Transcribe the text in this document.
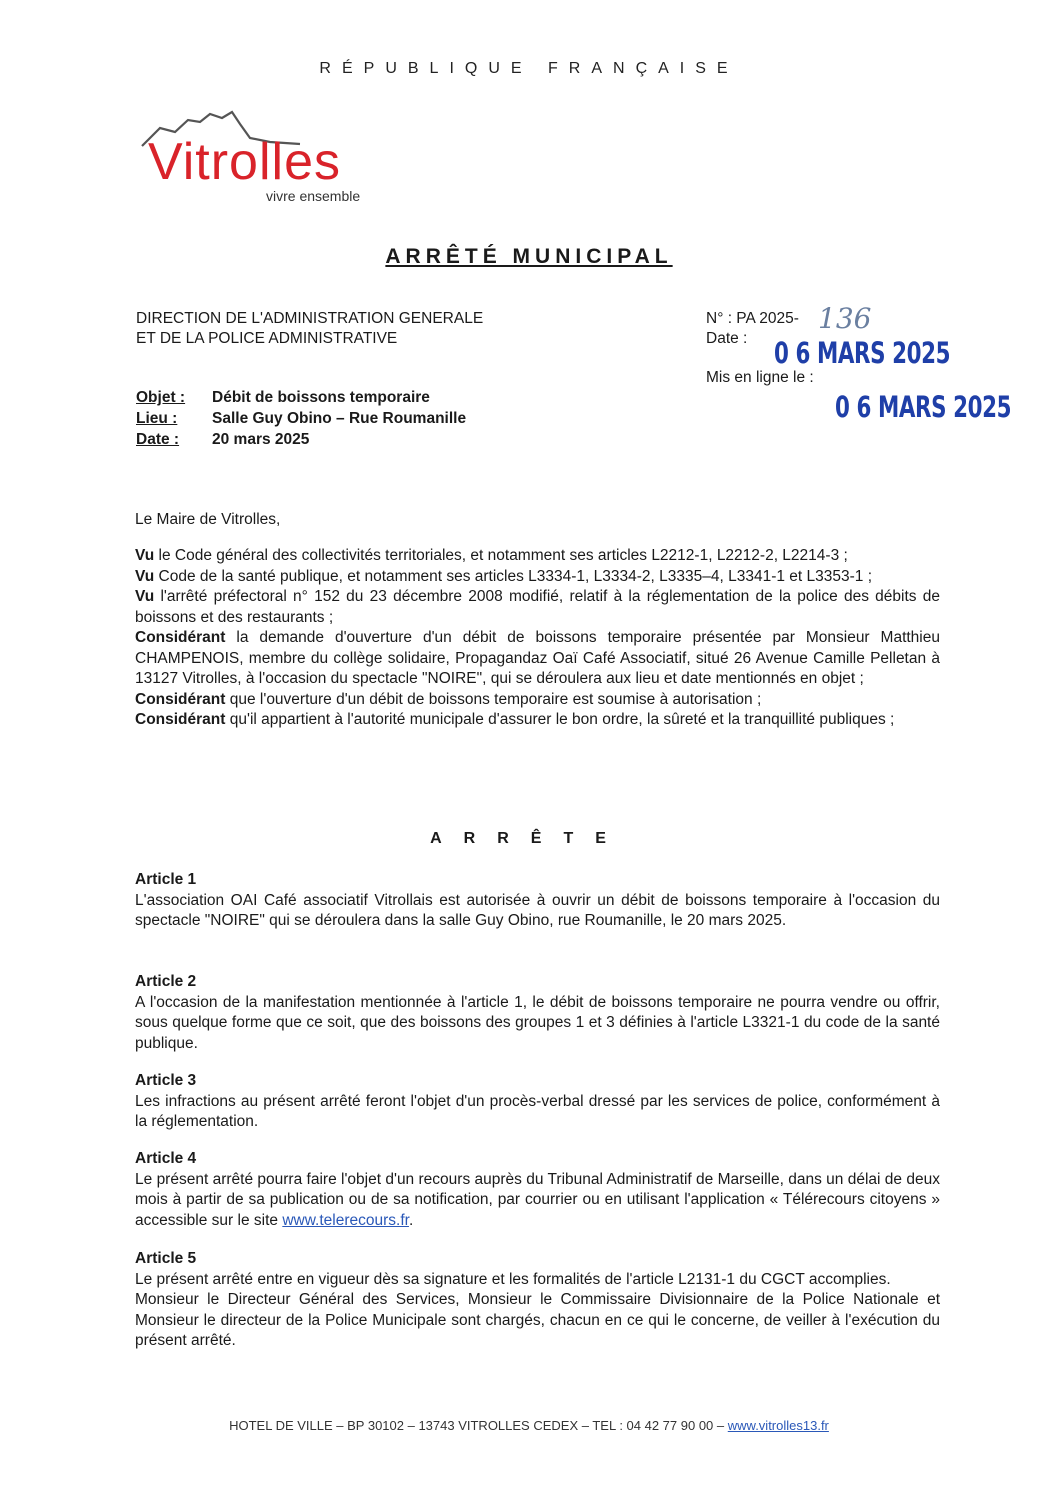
RÉPUBLIQUE FRANÇAISE
Vitrolles
vivre ensemble
ARRÊTÉ MUNICIPAL
DIRECTION DE L'ADMINISTRATION GENERALE
ET DE LA POLICE ADMINISTRATIVE
N° : PA 2025- 136
Date : 0 6 MARS 2025
Mis en ligne le :
0 6 MARS 2025
Objet : Débit de boissons temporaire
Lieu : Salle Guy Obino – Rue Roumanille
Date : 20 mars 2025
Le Maire de Vitrolles,

Vu le Code général des collectivités territoriales, et notamment ses articles L2212-1, L2212-2, L2214-3 ;

Vu Code de la santé publique, et notamment ses articles L3334-1, L3334-2, L3335–4, L3341-1 et L3353-1 ;

Vu l'arrêté préfectoral n° 152 du 23 décembre 2008 modifié, relatif à la réglementation de la police des débits de boissons et des restaurants ;

Considérant la demande d'ouverture d'un débit de boissons temporaire présentée par Monsieur Matthieu CHAMPENOIS, membre du collège solidaire, Propagandaz Oaï Café Associatif, situé 26 Avenue Camille Pelletan à 13127 Vitrolles, à l'occasion du spectacle "NOIRE", qui se déroulera aux lieu et date mentionnés en objet ;

Considérant que l'ouverture d'un débit de boissons temporaire est soumise à autorisation ;

Considérant qu'il appartient à l'autorité municipale d'assurer le bon ordre, la sûreté et la tranquillité publiques ;

ARRÊTE

Article 1

L'association OAI Café associatif Vitrollais est autorisée à ouvrir un débit de boissons temporaire à l'occasion du spectacle "NOIRE" qui se déroulera dans la salle Guy Obino, rue Roumanille, le 20 mars 2025.

Article 2

A l'occasion de la manifestation mentionnée à l'article 1, le débit de boissons temporaire ne pourra vendre ou offrir, sous quelque forme que ce soit, que des boissons des groupes 1 et 3 définies à l'article L3321-1 du code de la santé publique.

Article 3

Les infractions au présent arrêté feront l'objet d'un procès-verbal dressé par les services de police, conformément à la réglementation.

Article 4

Le présent arrêté pourra faire l'objet d'un recours auprès du Tribunal Administratif de Marseille, dans un délai de deux mois à partir de sa publication ou de sa notification, par courrier ou en utilisant l'application « Télérecours citoyens » accessible sur le site www.telerecours.fr.

Article 5

Le présent arrêté entre en vigueur dès sa signature et les formalités de l'article L2131-1 du CGCT accomplies.

Monsieur le Directeur Général des Services, Monsieur le Commissaire Divisionnaire de la Police Nationale et Monsieur le directeur de la Police Municipale sont chargés, chacun en ce qui le concerne, de veiller à l'exécution du présent arrêté.

HOTEL DE VILLE – BP 30102 – 13743 VITROLLES CEDEX – TEL : 04 42 77 90 00 – www.vitrolles13.fr
